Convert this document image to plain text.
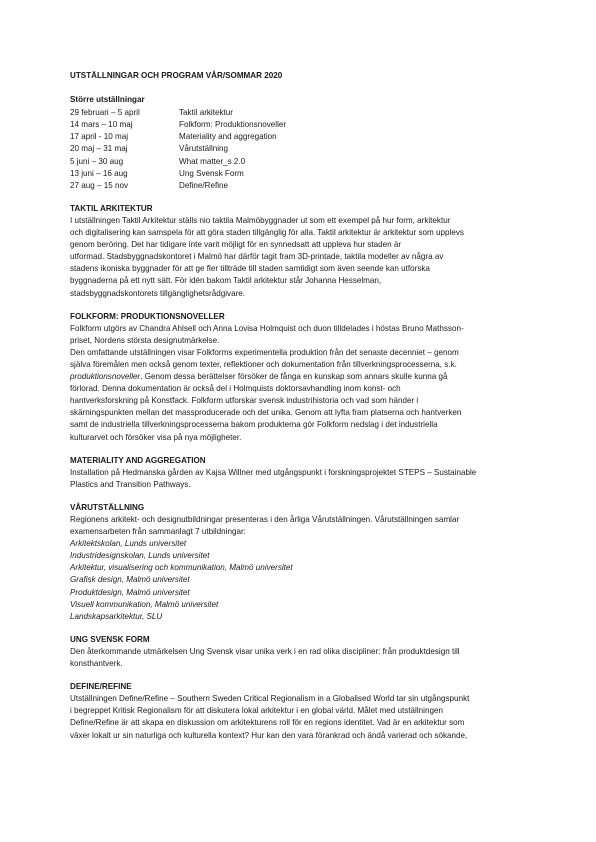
UTSTÄLLNINGAR OCH PROGRAM VÅR/SOMMAR 2020

Större utställningar

29 februari – 5 april	Taktil arkitektur
14 mars – 10 maj	Folkform: Produktionsnoveller
17 april - 10 maj	Materiality and aggregation
20 maj – 31 maj	Vårutställning
5 juni – 30 aug	What matter_s 2.0
13 juni – 16 aug	Ung Svensk Form
27 aug – 15 nov	Define/Refine
TAKTIL ARKITEKTUR

I utställningen Taktil Arkitektur ställs nio taktila Malmöbyggnader ut som ett exempel på hur form, arkitektur

och digitalisering kan samspela för att göra staden tillgänglig för alla. Taktil arkitektur är arkitektur som upplevs

genom beröring. Det har tidigare inte varit möjligt för en synnedsatt att uppleva hur staden är

utformad. Stadsbyggnadskontoret i Malmö har därför tagit fram 3D-printade, taktila modeller av några av

stadens ikoniska byggnader för att ge fler tillträde till staden samtidigt som även seende kan utforska

byggnaderna på ett nytt sätt. För idén bakom Taktil arkitektur står Johanna Hesselman,

stadsbyggnadskontorets tillgänglighetsrådgivare.

FOLKFORM: PRODUKTIONSNOVELLER

Folkform utgörs av Chandra Ahlsell och Anna Lovisa Holmquist och duon tilldelades i höstas Bruno Mathsson-

priset, Nordens största designutmärkelse.

Den omfattande utställningen visar Folkforms experimentella produktion från det senaste decenniet – genom

själva föremålen men också genom texter, reflektioner och dokumentation från tillverkningsprocesserna, s.k.

produktionsnoveller. Genom dessa berättelser försöker de fånga en kunskap som annars skulle kunna gå

förlorad. Denna dokumentation är också del i Holmquists doktorsavhandling inom konst- och

hantverksforskning på Konstfack. Folkform utforskar svensk industrihistoria och vad som händer i

skärningspunkten mellan det massproducerade och det unika. Genom att lyfta fram platserna och hantverken

samt de industriella tillverkningsprocesserna bakom produkterna gör Folkform nedslag i det industriella

kulturarvet och försöker visa på nya möjligheter.

MATERIALITY AND AGGREGATION

Installation på Hedmanska gården av Kajsa Willner med utgångspunkt i forskningsprojektet STEPS – Sustainable

Plastics and Transition Pathways.

VÅRUTSTÄLLNING

Regionens arkitekt- och designutbildningar presenteras i den årliga Vårutställningen. Vårutställningen samlar

examensarbeten från sammanlagt 7 utbildningar:

Arkitektskolan, Lunds universitet

Industridesignskolan, Lunds universitet

Arkitektur, visualisering och kommunikation, Malmö universitet

Grafisk design, Malmö universitet

Produktdesign, Malmö universitet

Visuell kommunikation, Malmö universitet

Landskapsarkitektur, SLU

UNG SVENSK FORM

Den återkommande utmärkelsen Ung Svensk visar unika verk i en rad olika discipliner: från produktdesign till

konsthantverk.

DEFINE/REFINE

Utställningen Define/Refine – Southern Sweden Critical Regionalism in a Globalised World tar sin utgångspunkt

i begreppet Kritisk Regionalism för att diskutera lokal arkitektur i en global värld. Målet med utställningen

Define/Refine är att skapa en diskussion om arkitekturens roll för en regions identitet. Vad är en arkitektur som

växer lokalt ur sin naturliga och kulturella kontext? Hur kan den vara förankrad och ändå varierad och sökande,
